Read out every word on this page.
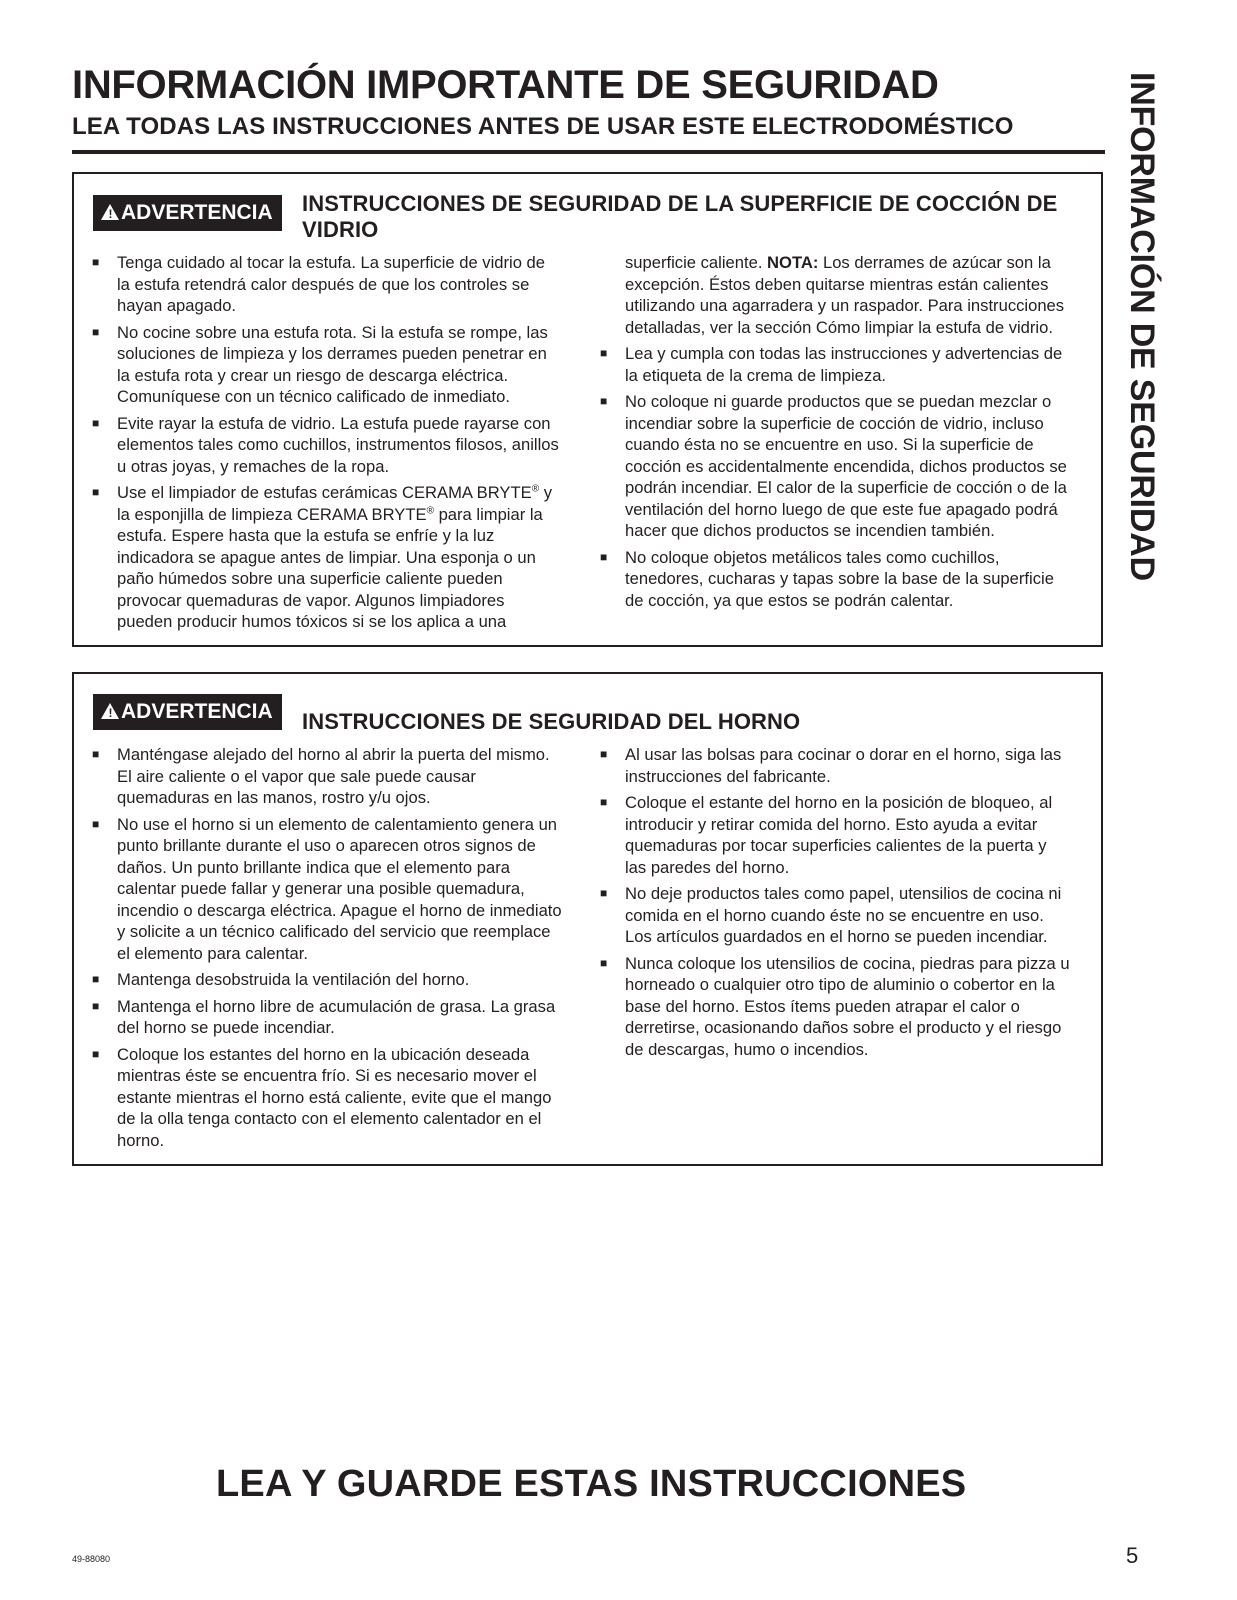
INFORMACIÓN IMPORTANTE DE SEGURIDAD
LEA TODAS LAS INSTRUCCIONES ANTES DE USAR ESTE ELECTRODOMÉSTICO	INFORMACIÓN DE SEGURIDAD
! ADVERTENCIA	INSTRUCCIONES DE SEGURIDAD DE LA SUPERFICIE DE COCCIÓN DE VIDRIO
■ Tenga cuidado al tocar la estufa. La superficie de vidrio de la estufa retendrá calor después de que los controles se hayan apagado.
■ No cocine sobre una estufa rota. Si la estufa se rompe, las soluciones de limpieza y los derrames pueden penetrar en la estufa rota y crear un riesgo de descarga eléctrica. Comuníquese con un técnico calificado de inmediato.
■ Evite rayar la estufa de vidrio. La estufa puede rayarse con elementos tales como cuchillos, instrumentos filosos, anillos u otras joyas, y remaches de la ropa.
■ Use el limpiador de estufas cerámicas CERAMA BRYTE® y la esponjilla de limpieza CERAMA BRYTE® para limpiar la estufa. Espere hasta que la estufa se enfríe y la luz indicadora se apague antes de limpiar. Una esponja o un paño húmedos sobre una superficie caliente pueden provocar quemaduras de vapor. Algunos limpiadores pueden producir humos tóxicos si se los aplica a una
superficie caliente. NOTA: Los derrames de azúcar son la excepción. Éstos deben quitarse mientras están calientes utilizando una agarradera y un raspador. Para instrucciones detalladas, ver la sección Cómo limpiar la estufa de vidrio.
■ Lea y cumpla con todas las instrucciones y advertencias de la etiqueta de la crema de limpieza.
■ No coloque ni guarde productos que se puedan mezclar o incendiar sobre la superficie de cocción de vidrio, incluso cuando ésta no se encuentre en uso. Si la superficie de cocción es accidentalmente encendida, dichos productos se podrán incendiar. El calor de la superficie de cocción o de la ventilación del horno luego de que este fue apagado podrá hacer que dichos productos se incendien también.
■ No coloque objetos metálicos tales como cuchillos, tenedores, cucharas y tapas sobre la base de la superficie de cocción, ya que estos se podrán calentar.
! ADVERTENCIA	INSTRUCCIONES DE SEGURIDAD DEL HORNO
■ Manténgase alejado del horno al abrir la puerta del mismo. El aire caliente o el vapor que sale puede causar quemaduras en las manos, rostro y/u ojos.
■ No use el horno si un elemento de calentamiento genera un punto brillante durante el uso o aparecen otros signos de daños. Un punto brillante indica que el elemento para calentar puede fallar y generar una posible quemadura, incendio o descarga eléctrica. Apague el horno de inmediato y solicite a un técnico calificado del servicio que reemplace el elemento para calentar.
■ Mantenga desobstruida la ventilación del horno.
■ Mantenga el horno libre de acumulación de grasa. La grasa del horno se puede incendiar.
■ Coloque los estantes del horno en la ubicación deseada mientras éste se encuentra frío. Si es necesario mover el estante mientras el horno está caliente, evite que el mango de la olla tenga contacto con el elemento calentador en el horno.
■ Al usar las bolsas para cocinar o dorar en el horno, siga las instrucciones del fabricante.
■ Coloque el estante del horno en la posición de bloqueo, al introducir y retirar comida del horno. Esto ayuda a evitar quemaduras por tocar superficies calientes de la puerta y las paredes del horno.
■ No deje productos tales como papel, utensilios de cocina ni comida en el horno cuando éste no se encuentre en uso. Los artículos guardados en el horno se pueden incendiar.
■ Nunca coloque los utensilios de cocina, piedras para pizza u horneado o cualquier otro tipo de aluminio o cobertor en la base del horno. Estos ítems pueden atrapar el calor o derretirse, ocasionando daños sobre el producto y el riesgo de descargas, humo o incendios.
LEA Y GUARDE ESTAS INSTRUCCIONES
49-88080	5
